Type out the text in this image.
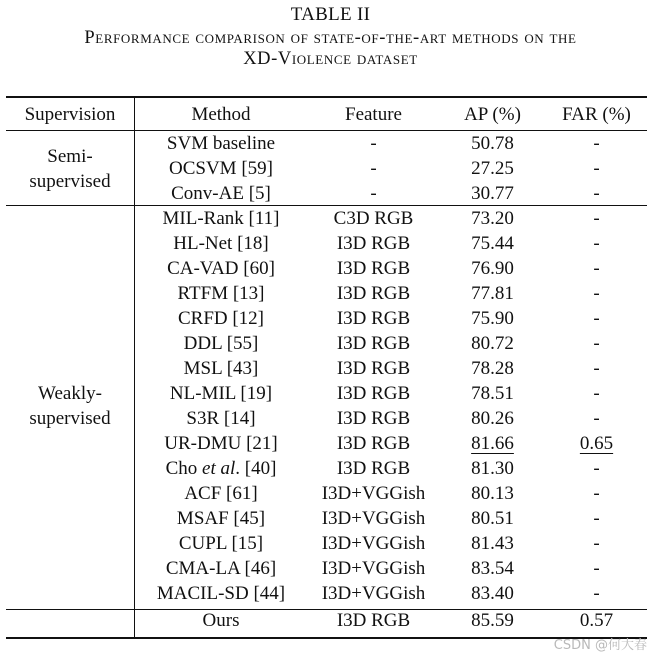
TABLE II
Performance comparison of state-of-the-art methods on the
XD-Violence dataset
Supervision	Method	Feature	AP (%)	FAR (%)
Semi-
supervised	SVM baseline	-	50.78	-
	OCSVM [59]	-	27.25	-
	Conv-AE [5]	-	30.77	-
Weakly-
supervised	MIL-Rank [11]	C3D RGB	73.20	-
	HL-Net [18]	I3D RGB	75.44	-
	CA-VAD [60]	I3D RGB	76.90	-
	RTFM [13]	I3D RGB	77.81	-
	CRFD [12]	I3D RGB	75.90	-
	DDL [55]	I3D RGB	80.72	-
	MSL [43]	I3D RGB	78.28	-
	NL-MIL [19]	I3D RGB	78.51	-
	S3R [14]	I3D RGB	80.26	-
	UR-DMU [21]	I3D RGB	81.66	0.65
	Cho et al. [40]	I3D RGB	81.30	-
	ACF [61]	I3D+VGGish	80.13	-
	MSAF [45]	I3D+VGGish	80.51	-
	CUPL [15]	I3D+VGGish	81.43	-
	CMA-LA [46]	I3D+VGGish	83.54	-
	MACIL-SD [44]	I3D+VGGish	83.40	-
	Ours	I3D RGB	85.59	0.57
CSDN @何大春
